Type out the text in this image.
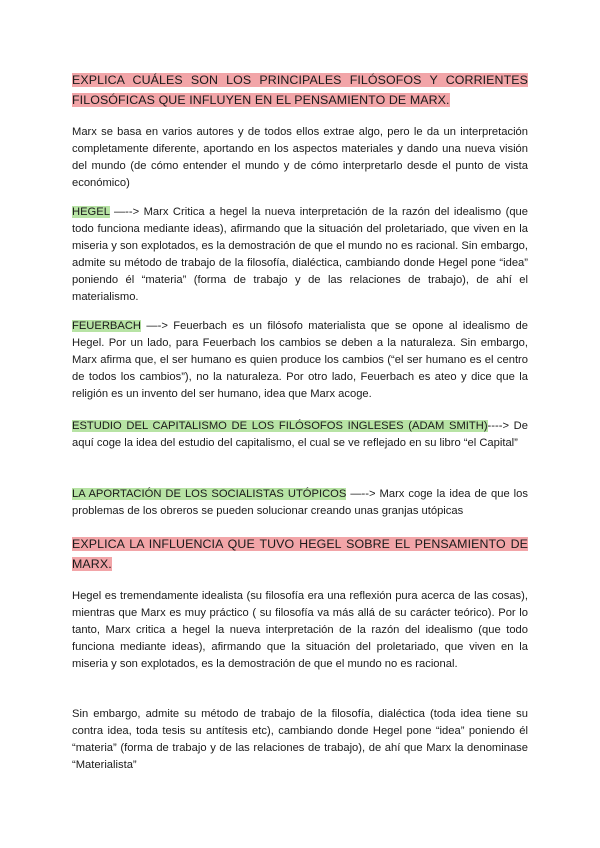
EXPLICA CUÁLES SON LOS PRINCIPALES FILÓSOFOS Y CORRIENTES FILOSÓFICAS QUE INFLUYEN EN EL PENSAMIENTO DE MARX.

Marx se basa en varios autores y de todos ellos extrae algo, pero le da un interpretación completamente diferente, aportando en los aspectos materiales y dando una nueva visión del mundo (de cómo entender el mundo y de cómo interpretarlo desde el punto de vista económico)

HEGEL —--> Marx Critica a hegel la nueva interpretación de la razón del idealismo (que todo funciona mediante ideas), afirmando que la situación del proletariado, que viven en la miseria y son explotados, es la demostración de que el mundo no es racional. Sin embargo, admite su método de trabajo de la filosofía, dialéctica, cambiando donde Hegel pone “idea” poniendo él “materia” (forma de trabajo y de las relaciones de trabajo), de ahí el materialismo.

FEUERBACH —-> Feuerbach es un filósofo materialista que se opone al idealismo de Hegel. Por un lado, para Feuerbach los cambios se deben a la naturaleza. Sin embargo, Marx afirma que, el ser humano es quien produce los cambios (“el ser humano es el centro de todos los cambios”), no la naturaleza. Por otro lado, Feuerbach es ateo y dice que la religión es un invento del ser humano, idea que Marx acoge.

ESTUDIO DEL CAPITALISMO DE LOS FILÓSOFOS INGLESES (ADAM SMITH)----> De aquí coge la idea del estudio del capitalismo, el cual se ve reflejado en su libro “el Capital”

LA APORTACIÓN DE LOS SOCIALISTAS UTÓPICOS —--> Marx coge la idea de que los problemas de los obreros se pueden solucionar creando unas granjas utópicas

EXPLICA LA INFLUENCIA QUE TUVO HEGEL SOBRE EL PENSAMIENTO DE MARX.

Hegel es tremendamente idealista (su filosofía era una reflexión pura acerca de las cosas), mientras que Marx es muy práctico ( su filosofía va más allá de su carácter teórico). Por lo tanto, Marx critica a hegel la nueva interpretación de la razón del idealismo (que todo funciona mediante ideas), afirmando que la situación del proletariado, que viven en la miseria y son explotados, es la demostración de que el mundo no es racional.

Sin embargo, admite su método de trabajo de la filosofía, dialéctica (toda idea tiene su contra idea, toda tesis su antítesis etc), cambiando donde Hegel pone “idea” poniendo él “materia” (forma de trabajo y de las relaciones de trabajo), de ahí que Marx la denominase “Materialista”
